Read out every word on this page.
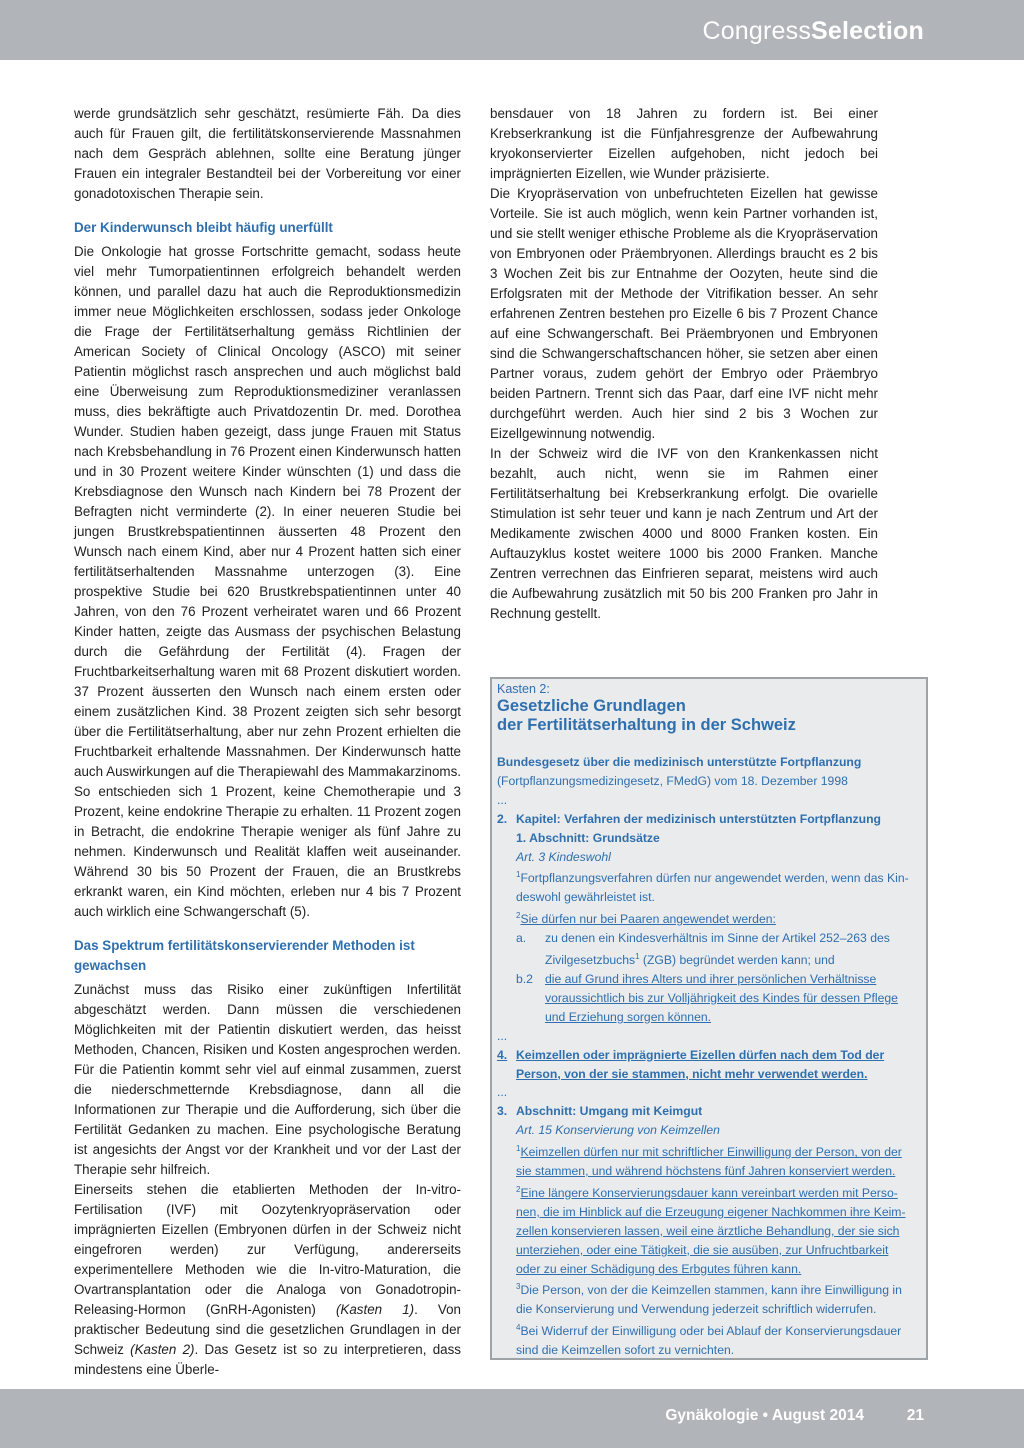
CongressSelection

werde grundsätzlich sehr geschätzt, resümierte Fäh. Da dies auch für Frauen gilt, die fertilitätskonservierende Massnahmen nach dem Gespräch ablehnen, sollte eine Beratung jünger Frauen ein integraler Bestandteil bei der Vorbereitung vor einer gonadotoxischen Therapie sein.

Der Kinderwunsch bleibt häufig unerfüllt

Die Onkologie hat grosse Fortschritte gemacht, sodass heute viel mehr Tumorpatientinnen erfolgreich behandelt werden können, und parallel dazu hat auch die Reproduktionsmedizin immer neue Möglichkeiten erschlossen, sodass jeder Onkologe die Frage der Fertilitätserhaltung gemäss Richtlinien der American Society of Clinical Oncology (ASCO) mit seiner Patientin möglichst rasch ansprechen und auch möglichst bald eine Überweisung zum Reproduktionsmediziner veranlassen muss, dies bekräftigte auch Privatdozentin Dr. med. Dorothea Wunder. Studien haben gezeigt, dass junge Frauen mit Status nach Krebsbehandlung in 76 Prozent einen Kinderwunsch hatten und in 30 Prozent weitere Kinder wünschten (1) und dass die Krebsdiagnose den Wunsch nach Kindern bei 78 Prozent der Befragten nicht verminderte (2). In einer neueren Studie bei jungen Brustkrebspatientinnen äusserten 48 Prozent den Wunsch nach einem Kind, aber nur 4 Prozent hatten sich einer fertilitätserhaltenden Massnahme unterzogen (3). Eine prospektive Studie bei 620 Brustkrebspatientinnen unter 40 Jahren, von den 76 Prozent verheiratet waren und 66 Prozent Kinder hatten, zeigte das Ausmass der psychischen Belastung durch die Gefährdung der Fertilität (4). Fragen der Fruchtbarkeitserhaltung waren mit 68 Prozent diskutiert worden. 37 Prozent äusserten den Wunsch nach einem ersten oder einem zusätzlichen Kind. 38 Prozent zeigten sich sehr besorgt über die Fertilitätserhaltung, aber nur zehn Prozent erhielten die Fruchtbarkeit erhaltende Massnahmen. Der Kinderwunsch hatte auch Auswirkungen auf die Therapiewahl des Mammakarzinoms. So entschieden sich 1 Prozent, keine Chemotherapie und 3 Prozent, keine endokrine Therapie zu erhalten. 11 Prozent zogen in Betracht, die endokrine Therapie weniger als fünf Jahre zu nehmen. Kinderwunsch und Realität klaffen weit auseinander. Während 30 bis 50 Prozent der Frauen, die an Brustkrebs erkrankt waren, ein Kind möchten, erleben nur 4 bis 7 Prozent auch wirklich eine Schwangerschaft (5).

Das Spektrum fertilitätskonservierender Methoden ist gewachsen

Zunächst muss das Risiko einer zukünftigen Infertilität abgeschätzt werden. Dann müssen die verschiedenen Möglichkeiten mit der Patientin diskutiert werden, das heisst Methoden, Chancen, Risiken und Kosten angesprochen werden. Für die Patientin kommt sehr viel auf einmal zusammen, zuerst die niederschmetternde Krebsdiagnose, dann all die Informationen zur Therapie und die Aufforderung, sich über die Fertilität Gedanken zu machen. Eine psychologische Beratung ist angesichts der Angst vor der Krankheit und vor der Last der Therapie sehr hilfreich.

Einerseits stehen die etablierten Methoden der In-vitro-Fertilisation (IVF) mit Oozytenkryopräservation oder imprägnierten Eizellen (Embryonen dürfen in der Schweiz nicht eingefroren werden) zur Verfügung, andererseits experimentellere Methoden wie die In-vitro-Maturation, die Ovartransplantation oder die Analoga von Gonadotropin-Releasing-Hormon (GnRH-Agonisten) (Kasten 1). Von praktischer Bedeutung sind die gesetzlichen Grundlagen in der Schweiz (Kasten 2). Das Gesetz ist so zu interpretieren, dass mindestens eine Überle-

bensdauer von 18 Jahren zu fordern ist. Bei einer Krebserkrankung ist die Fünfjahresgrenze der Aufbewahrung kryokonservierter Eizellen aufgehoben, nicht jedoch bei imprägnierten Eizellen, wie Wunder präzisierte.

Die Kryopräservation von unbefruchteten Eizellen hat gewisse Vorteile. Sie ist auch möglich, wenn kein Partner vorhanden ist, und sie stellt weniger ethische Probleme als die Kryopräservation von Embryonen oder Präembryonen. Allerdings braucht es 2 bis 3 Wochen Zeit bis zur Entnahme der Oozyten, heute sind die Erfolgsraten mit der Methode der Vitrifikation besser. An sehr erfahrenen Zentren bestehen pro Eizelle 6 bis 7 Prozent Chance auf eine Schwangerschaft. Bei Präembryonen und Embryonen sind die Schwangerschaftschancen höher, sie setzen aber einen Partner voraus, zudem gehört der Embryo oder Präembryo beiden Partnern. Trennt sich das Paar, darf eine IVF nicht mehr durchgeführt werden. Auch hier sind 2 bis 3 Wochen zur Eizellgewinnung notwendig.

In der Schweiz wird die IVF von den Krankenkassen nicht bezahlt, auch nicht, wenn sie im Rahmen einer Fertilitätserhaltung bei Krebserkrankung erfolgt. Die ovarielle Stimulation ist sehr teuer und kann je nach Zentrum und Art der Medikamente zwischen 4000 und 8000 Franken kosten. Ein Auftauzyklus kostet weitere 1000 bis 2000 Franken. Manche Zentren verrechnen das Einfrieren separat, meistens wird auch die Aufbewahrung zusätzlich mit 50 bis 200 Franken pro Jahr in Rechnung gestellt.

Kasten 2:
Gesetzliche Grundlagen
der Fertilitätserhaltung in der Schweiz
Bundesgesetz über die medizinisch unterstützte Fortpflanzung
(Fortpflanzungsmedizingesetz, FMedG) vom 18. Dezember 1998
...
2. Kapitel: Verfahren der medizinisch unterstützten Fortpflanzung
1. Abschnitt: Grundsätze
Art. 3 Kindeswohl
$^1$Fortpflanzungsverfahren dürfen nur angewendet werden, wenn das Kin-
deswohl gewährleistet ist.
$^2$Sie dürfen nur bei Paaren angewendet werden:
a. zu denen ein Kindesverhältnis im Sinne der Artikel 252–263 des
Zivilgesetzbuchs$^1$ (ZGB) begründet werden kann; und
b.2 die auf Grund ihres Alters und ihrer persönlichen Verhältnisse
voraussichtlich bis zur Volljährigkeit des Kindes für dessen Pflege
und Erziehung sorgen können.
...
4. Keimzellen oder imprägnierte Eizellen dürfen nach dem Tod der
Person, von der sie stammen, nicht mehr verwendet werden.
...
3. Abschnitt: Umgang mit Keimgut
Art. 15 Konservierung von Keimzellen
$^1$Keimzellen dürfen nur mit schriftlicher Einwilligung der Person, von der
sie stammen, und während höchstens fünf Jahren konserviert werden.
$^2$Eine längere Konservierungsdauer kann vereinbart werden mit Perso-
nen, die im Hinblick auf die Erzeugung eigener Nachkommen ihre Keim-
zellen konservieren lassen, weil eine ärztliche Behandlung, der sie sich
unterziehen, oder eine Tätigkeit, die sie ausüben, zur Unfruchtbarkeit
oder zu einer Schädigung des Erbgutes führen kann.
$^3$Die Person, von der die Keimzellen stammen, kann ihre Einwilligung in
die Konservierung und Verwendung jederzeit schriftlich widerrufen.
$^4$Bei Widerruf der Einwilligung oder bei Ablauf der Konservierungsdauer
sind die Keimzellen sofort zu vernichten.
Gynäkologie • August 2014	21
